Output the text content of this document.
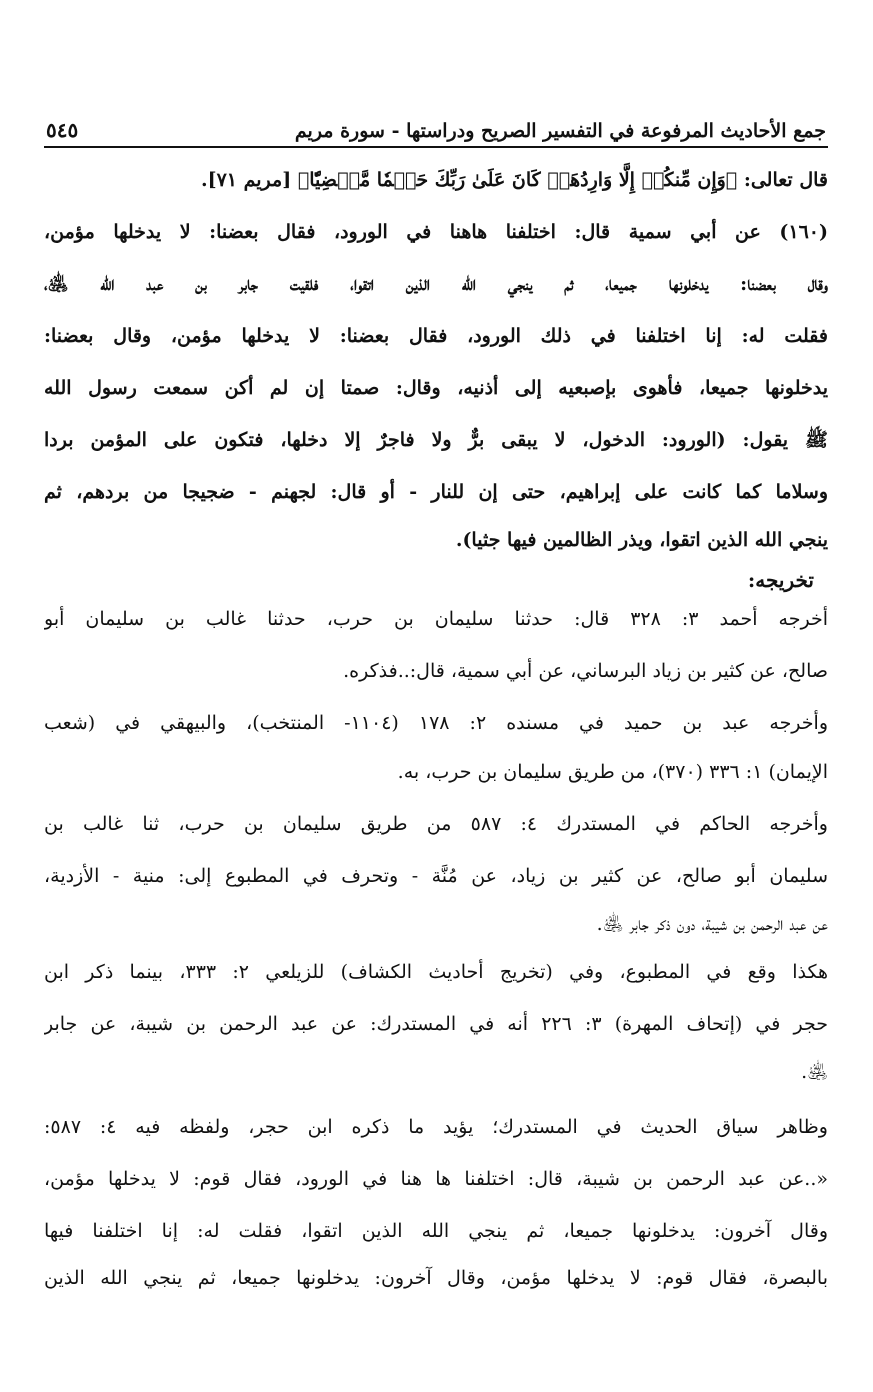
٥٤٥	جمع الأحاديث المرفوعة في التفسير الصريح ودراستها - سورة مريم
قال تعالى: ﴿وَإِن مِّنكُمۡ إِلَّا وَارِدُهَاۚ كَانَ عَلَىٰ رَبِّكَ حَتۡمٗا مَّقۡضِيّٗا﴾ [مريم ٧١].
(١٦٠) عن أبي سمية قال: اختلفنا هاهنا في الورود، فقال بعضنا: لا يدخلها مؤمن،
وقال بعضنا: يدخلونها جميعا، ثم ينجي الله الذين اتقوا، فلقيت جابر بن عبد الله ﵁،
فقلت له: إنا اختلفنا في ذلك الورود، فقال بعضنا: لا يدخلها مؤمن، وقال بعضنا:
يدخلونها جميعا، فأهوى بإصبعيه إلى أذنيه، وقال: صمتا إن لم أكن سمعت رسول الله
ﷺ يقول: (الورود: الدخول، لا يبقى برٌّ ولا فاجرٌ إلا دخلها، فتكون على المؤمن بردا
وسلاما كما كانت على إبراهيم، حتى إن للنار - أو قال: لجهنم - ضجيجا من بردهم، ثم
ينجي الله الذين اتقوا، ويذر الظالمين فيها جثيا).
تخريجه:
أخرجه أحمد ٣: ٣٢٨ قال: حدثنا سليمان بن حرب، حدثنا غالب بن سليمان أبو
صالح، عن كثير بن زياد البرساني، عن أبي سمية، قال:..فذكره.
وأخرجه عبد بن حميد في مسنده ٢: ١٧٨ (١١٠٤- المنتخب)، والبيهقي في (شعب
الإيمان) ١: ٣٣٦ (٣٧٠)، من طريق سليمان بن حرب، به.
وأخرجه الحاكم في المستدرك ٤: ٥٨٧ من طريق سليمان بن حرب، ثنا غالب بن
سليمان أبو صالح، عن كثير بن زياد، عن مُنَّة - وتحرف في المطبوع إلى: منية - الأزدية،
عن عبد الرحمن بن شيبة، دون ذكر جابر ﵁.
هكذا وقع في المطبوع، وفي (تخريج أحاديث الكشاف) للزيلعي ٢: ٣٣٣، بينما ذكر ابن
حجر في (إتحاف المهرة) ٣: ٢٢٦ أنه في المستدرك: عن عبد الرحمن بن شيبة، عن جابر
﵁.
وظاهر سياق الحديث في المستدرك؛ يؤيد ما ذكره ابن حجر، ولفظه فيه ٤: ٥٨٧:
«..عن عبد الرحمن بن شيبة، قال: اختلفنا ها هنا في الورود، فقال قوم: لا يدخلها مؤمن،
وقال آخرون: يدخلونها جميعا، ثم ينجي الله الذين اتقوا، فقلت له: إنا اختلفنا فيها
بالبصرة، فقال قوم: لا يدخلها مؤمن، وقال آخرون: يدخلونها جميعا، ثم ينجي الله الذين
